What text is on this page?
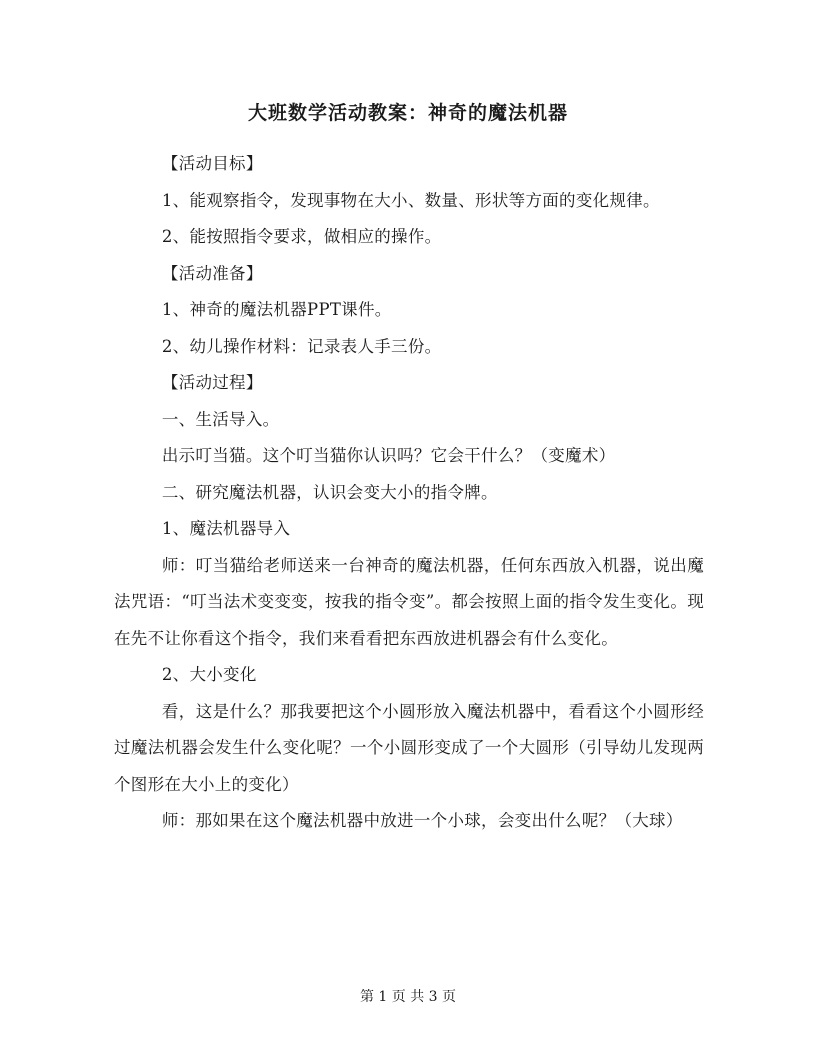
大班数学活动教案：神奇的魔法机器

【活动目标】

1、能观察指令，发现事物在大小、数量、形状等方面的变化规律。

2、能按照指令要求，做相应的操作。

【活动准备】

1、神奇的魔法机器PPT课件。

2、幼儿操作材料：记录表人手三份。

【活动过程】

一、生活导入。

出示叮当猫。这个叮当猫你认识吗？它会干什么？（变魔术）

二、研究魔法机器，认识会变大小的指令牌。

1、魔法机器导入

师：叮当猫给老师送来一台神奇的魔法机器，任何东西放入机器，说出魔法咒语：“叮当法术变变变，按我的指令变”。都会按照上面的指令发生变化。现在先不让你看这个指令，我们来看看把东西放进机器会有什么变化。

2、大小变化

看，这是什么？那我要把这个小圆形放入魔法机器中，看看这个小圆形经过魔法机器会发生什么变化呢？一个小圆形变成了一个大圆形（引导幼儿发现两个图形在大小上的变化）

师：那如果在这个魔法机器中放进一个小球，会变出什么呢？（大球）

第 1 页 共 3 页
